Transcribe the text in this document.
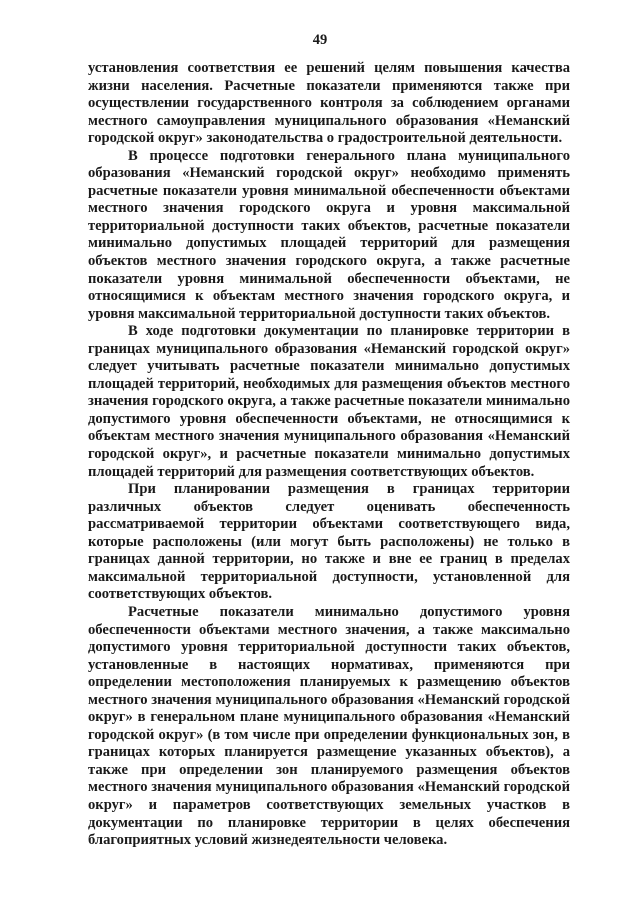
49

установления соответствия ее решений целям повышения качества жизни населения. Расчетные показатели применяются также при осуществлении государственного контроля за соблюдением органами местного самоуправления муниципального образования «Неманский городской округ» законодательства о градостроительной деятельности.

В процессе подготовки генерального плана муниципального образования «Неманский городской округ» необходимо применять расчетные показатели уровня минимальной обеспеченности объектами местного значения городского округа и уровня максимальной территориальной доступности таких объектов, расчетные показатели минимально допустимых площадей территорий для размещения объектов местного значения городского округа, а также расчетные показатели уровня минимальной обеспеченности объектами, не относящимися к объектам местного значения городского округа, и уровня максимальной территориальной доступности таких объектов.

В ходе подготовки документации по планировке территории в границах муниципального образования «Неманский городской округ» следует учитывать расчетные показатели минимально допустимых площадей территорий, необходимых для размещения объектов местного значения городского округа, а также расчетные показатели минимально допустимого уровня обеспеченности объектами, не относящимися к объектам местного значения муниципального образования «Неманский городской округ», и расчетные показатели минимально допустимых площадей территорий для размещения соответствующих объектов.

При планировании размещения в границах территории различных объектов следует оценивать обеспеченность рассматриваемой территории объектами соответствующего вида, которые расположены (или могут быть расположены) не только в границах данной территории, но также и вне ее границ в пределах максимальной территориальной доступности, установленной для соответствующих объектов.

Расчетные показатели минимально допустимого уровня обеспеченности объектами местного значения, а также максимально допустимого уровня территориальной доступности таких объектов, установленные в настоящих нормативах, применяются при определении местоположения планируемых к размещению объектов местного значения муниципального образования «Неманский городской округ» в генеральном плане муниципального образования «Неманский городской округ» (в том числе при определении функциональных зон, в границах которых планируется размещение указанных объектов), а также при определении зон планируемого размещения объектов местного значения муниципального образования «Неманский городской округ» и параметров соответствующих земельных участков в документации по планировке территории в целях обеспечения благоприятных условий жизнедеятельности человека.
